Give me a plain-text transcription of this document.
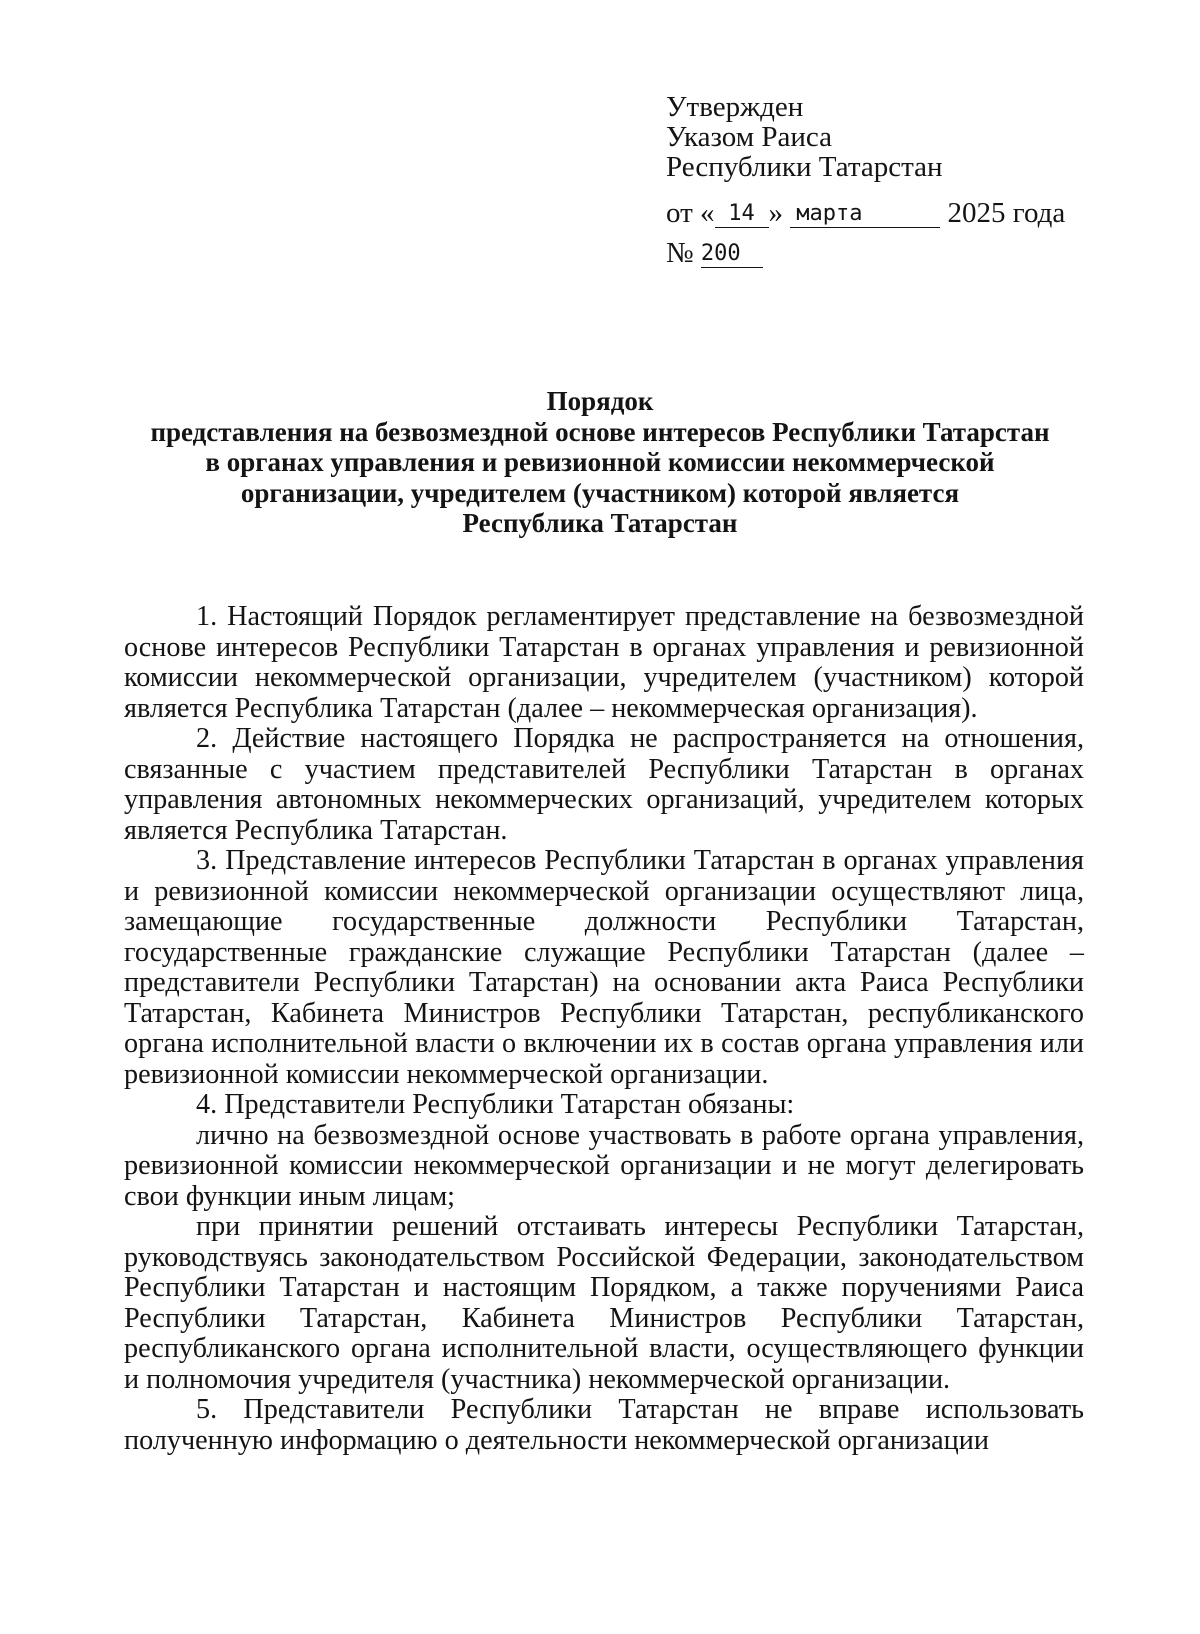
Утвержден
Указом Раиса
Республики Татарстан
от « 14 » марта	2025 года
№ 200
Порядок
представления на безвозмездной основе интересов Республики Татарстан
в органах управления и ревизионной комиссии некоммерческой
организации, учредителем (участником) которой является
Республика Татарстан

1. Настоящий Порядок регламентирует представление на безвозмездной основе интересов Республики Татарстан в органах управления и ревизионной комиссии некоммерческой организации, учредителем (участником) которой является Республика Татарстан (далее – некоммерческая организация).

2. Действие настоящего Порядка не распространяется на отношения, связанные с участием представителей Республики Татарстан в органах управления автономных некоммерческих организаций, учредителем которых является Республика Татарстан.

3. Представление интересов Республики Татарстан в органах управления и ревизионной комиссии некоммерческой организации осуществляют лица, замещающие государственные должности Республики Татарстан, государственные гражданские служащие Республики Татарстан (далее – представители Республики Татарстан) на основании акта Раиса Республики Татарстан, Кабинета Министров Республики Татарстан, республиканского органа исполнительной власти о включении их в состав органа управления или ревизионной комиссии некоммерческой организации.

4. Представители Республики Татарстан обязаны:

лично на безвозмездной основе участвовать в работе органа управления, ревизионной комиссии некоммерческой организации и не могут делегировать свои функции иным лицам;

при принятии решений отстаивать интересы Республики Татарстан, руководствуясь законодательством Российской Федерации, законодательством Республики Татарстан и настоящим Порядком, а также поручениями Раиса Республики Татарстан, Кабинета Министров Республики Татарстан, республиканского органа исполнительной власти, осуществляющего функции и полномочия учредителя (участника) некоммерческой организации.

5. Представители Республики Татарстан не вправе использовать полученную информацию о деятельности некоммерческой организации
